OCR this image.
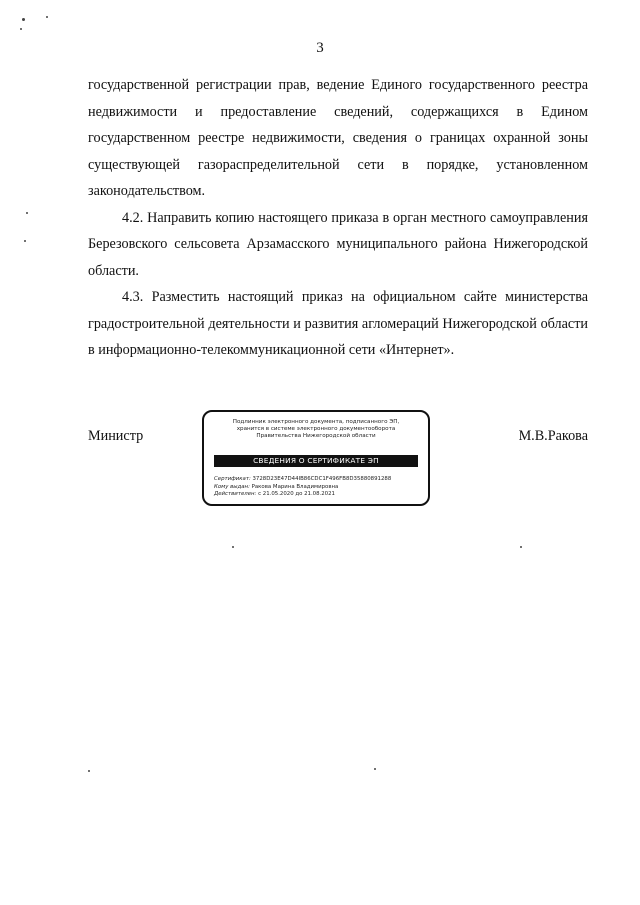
3

государственной регистрации прав, ведение Единого государственного реестра недвижимости и предоставление сведений, содержащихся в Едином государственном реестре недвижимости, сведения о границах охранной зоны существующей газораспределительной сети в порядке, установленном законодательством.

4.2. Направить копию настоящего приказа в орган местного самоуправления Березовского сельсовета Арзамасского муниципального района Нижегородской области.

4.3. Разместить настоящий приказ на официальном сайте министерства градостроительной деятельности и развития агломераций Нижегородской области в информационно-телекоммуникационной сети «Интернет».

Министр
Подлинник электронного документа, подписанного ЭП,
хранится в системе электронного документооборота
Правительства Нижегородской области
СВЕДЕНИЯ О СЕРТИФИКАТЕ ЭП
Сертификат: 3728D23E47D44IB86CDC1F496FB8D35880891288
Кому выдан: Ракова Марина Владимировна
Действителен: с 21.05.2020 до 21.08.2021
М.В.Ракова
